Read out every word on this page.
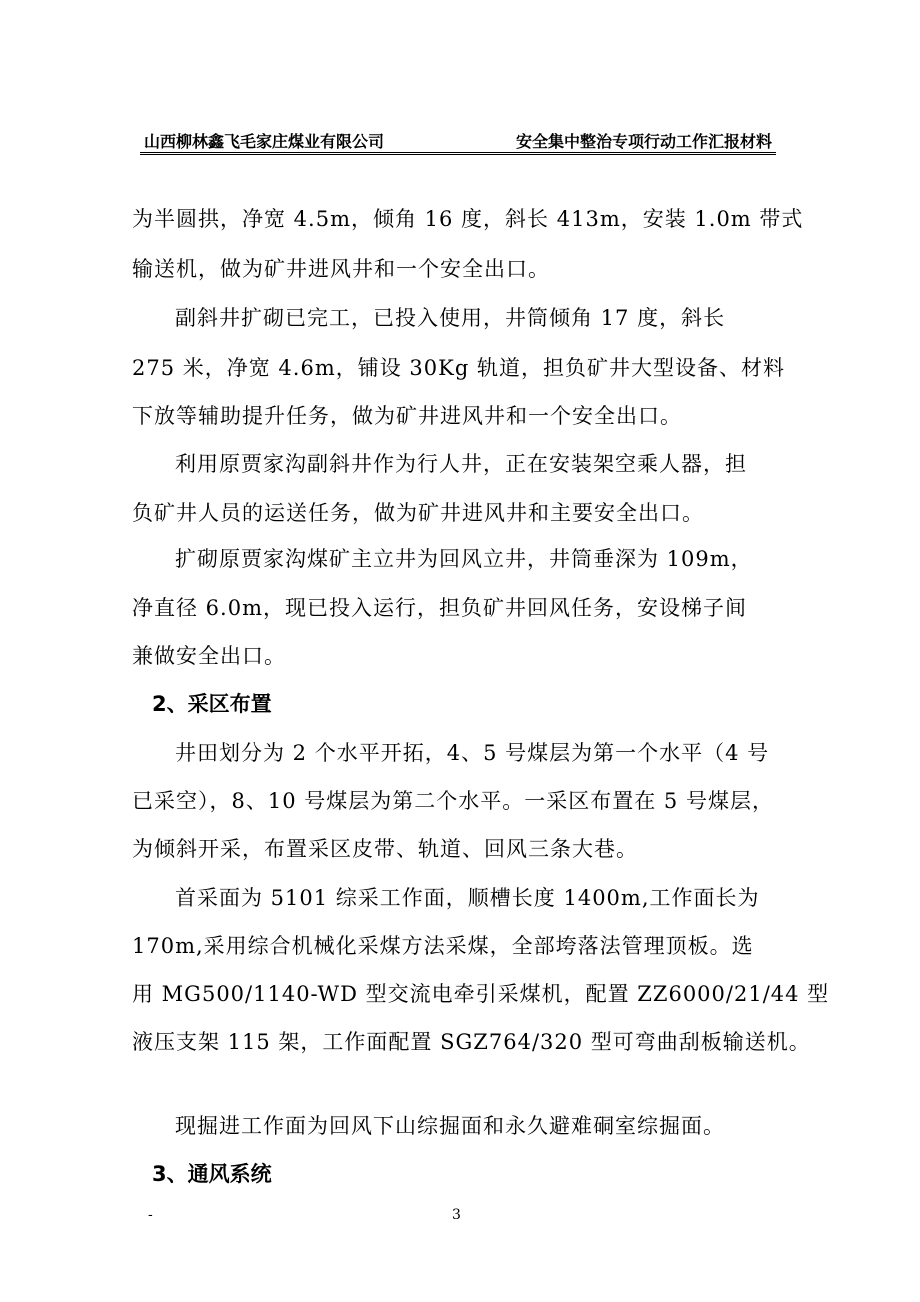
山西柳林鑫飞毛家庄煤业有限公司	安全集中整治专项行动工作汇报材料
为半圆拱，净宽 4.5m，倾角 16 度，斜长 413m，安装 1.0m 带式
输送机，做为矿井进风井和一个安全出口。
副斜井扩砌已完工，已投入使用，井筒倾角 17 度，斜长
275 米，净宽 4.6m，铺设 30Kg 轨道，担负矿井大型设备、材料
下放等辅助提升任务，做为矿井进风井和一个安全出口。
利用原贾家沟副斜井作为行人井，正在安装架空乘人器，担
负矿井人员的运送任务，做为矿井进风井和主要安全出口。
扩砌原贾家沟煤矿主立井为回风立井，井筒垂深为 109m，
净直径 6.0m，现已投入运行，担负矿井回风任务，安设梯子间
兼做安全出口。
2、采区布置
井田划分为 2 个水平开拓，4、5 号煤层为第一个水平（4 号
已采空），8、10 号煤层为第二个水平。一采区布置在 5 号煤层，
为倾斜开采，布置采区皮带、轨道、回风三条大巷。
首采面为 5101 综采工作面，顺槽长度 1400m,工作面长为
170m,采用综合机械化采煤方法采煤，全部垮落法管理顶板。选
用 MG500/1140-WD 型交流电牵引采煤机，配置 ZZ6000/21/44 型
液压支架 115 架，工作面配置 SGZ764/320 型可弯曲刮板输送机。
现掘进工作面为回风下山综掘面和永久避难硐室综掘面。
3、通风系统
-	3
